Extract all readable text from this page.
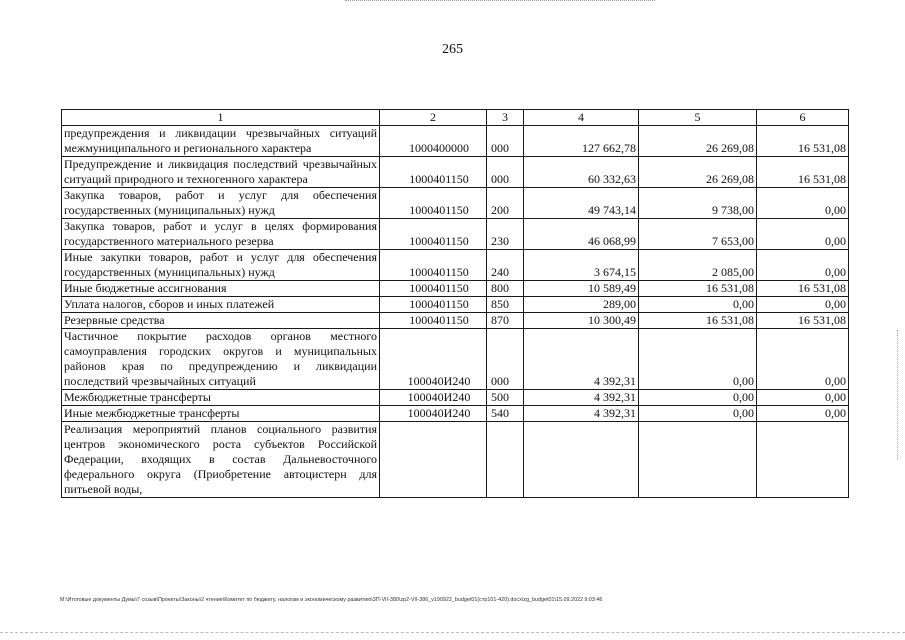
265
1	2	3	4	5	6
предупреждения и ликвидации чрезвычайных ситуаций межмуниципального и регионального характера	1000400000	000	127 662,78	26 269,08	16 531,08
Предупреждение и ликвидация последствий чрезвычайных ситуаций природного и техногенного характера	1000401150	000	60 332,63	26 269,08	16 531,08
Закупка товаров, работ и услуг для обеспечения государственных (муниципальных) нужд	1000401150	200	49 743,14	9 738,00	0,00
Закупка товаров, работ и услуг в целях формирования государственного материального резерва	1000401150	230	46 068,99	7 653,00	0,00
Иные закупки товаров, работ и услуг для обеспечения государственных (муниципальных) нужд	1000401150	240	3 674,15	2 085,00	0,00
Иные бюджетные ассигнования	1000401150	800	10 589,49	16 531,08	16 531,08
Уплата налогов, сборов и иных платежей	1000401150	850	289,00	0,00	0,00
Резервные средства	1000401150	870	10 300,49	16 531,08	16 531,08
Частичное покрытие расходов органов местного самоуправления городских округов и муниципальных районов края по предупреждению и ликвидации последствий чрезвычайных ситуаций	100040И240	000	4 392,31	0,00	0,00
Межбюджетные трансферты	100040И240	500	4 392,31	0,00	0,00
Иные межбюджетные трансферты	100040И240	540	4 392,31	0,00	0,00
Реализация мероприятий планов социального развития центров экономического роста субъектов Российской Федерации, входящих в состав Дальневосточного федерального округа (Приобретение автоцистерн для питьевой воды,					
M:\Итоговые документы Думы\7 созыв\Проекты\Законы\2 чтение\Комитет по бюджету, налогам и экономическому развитию\3П-VII-380\zp2-VII-386_v190922_budget01(стр101-420).docx\zg_budget01\15.09.2022 9:03:46
